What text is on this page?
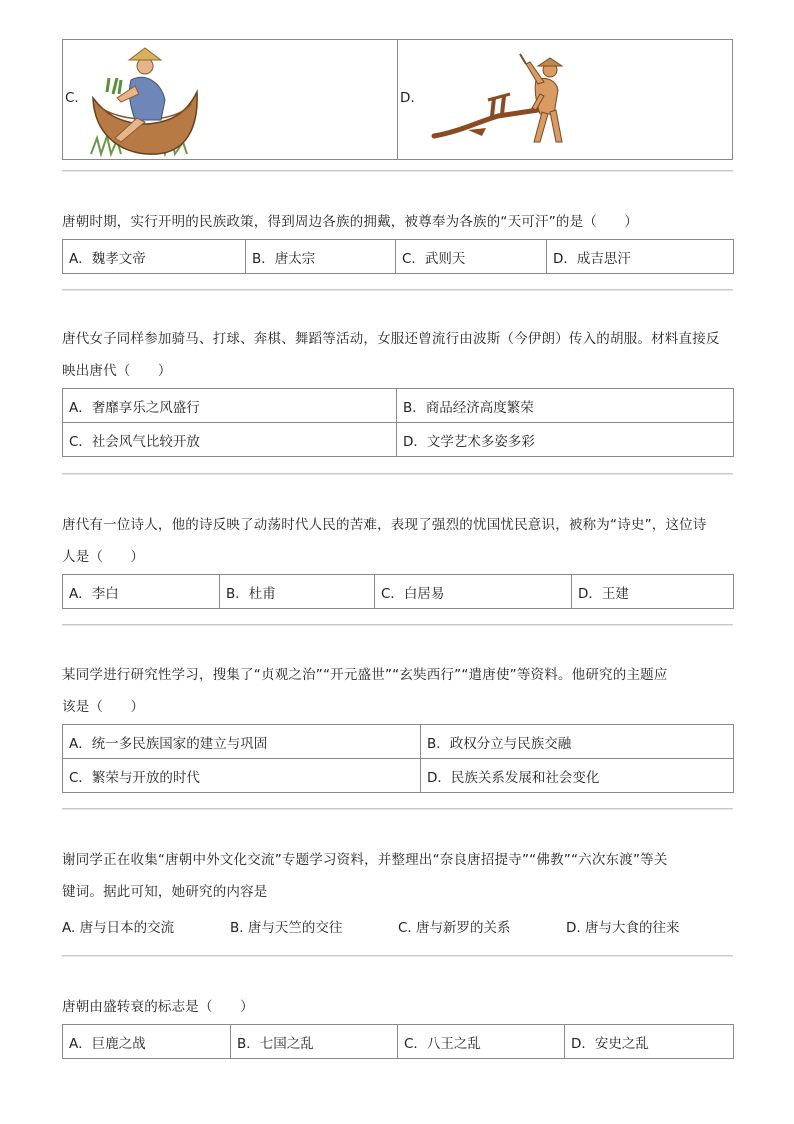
C.	D.
唐朝时期，实行开明的民族政策，得到周边各族的拥戴，被尊奉为各族的“天可汗”的是（　　）
A．魏孝文帝	B．唐太宗	C．武则天	D．成吉思汗
唐代女子同样参加骑马、打球、奔棋、舞蹈等活动，女服还曾流行由波斯（今伊朗）传入的胡服。材料直接反
映出唐代（　　）
A．奢靡享乐之风盛行	B．商品经济高度繁荣
C．社会风气比较开放	D．文学艺术多姿多彩
唐代有一位诗人，他的诗反映了动荡时代人民的苦难，表现了强烈的忧国忧民意识，被称为“诗史”，这位诗
人是（　　）
A．李白	B．杜甫	C．白居易	D．王建
某同学进行研究性学习，搜集了“贞观之治”“开元盛世”“玄奘西行”“遣唐使”等资料。他研究的主题应
该是（　　）
A．统一多民族国家的建立与巩固	B．政权分立与民族交融
C．繁荣与开放的时代	D．民族关系发展和社会变化
谢同学正在收集“唐朝中外文化交流”专题学习资料，并整理出“奈良唐招提寺”“佛教”“六次东渡”等关
键词。据此可知，她研究的内容是
A. 唐与日本的交流	B. 唐与天竺的交往	C. 唐与新罗的关系	D. 唐与大食的往来
唐朝由盛转衰的标志是（　　）
A．巨鹿之战	B．七国之乱	C．八王之乱	D．安史之乱
